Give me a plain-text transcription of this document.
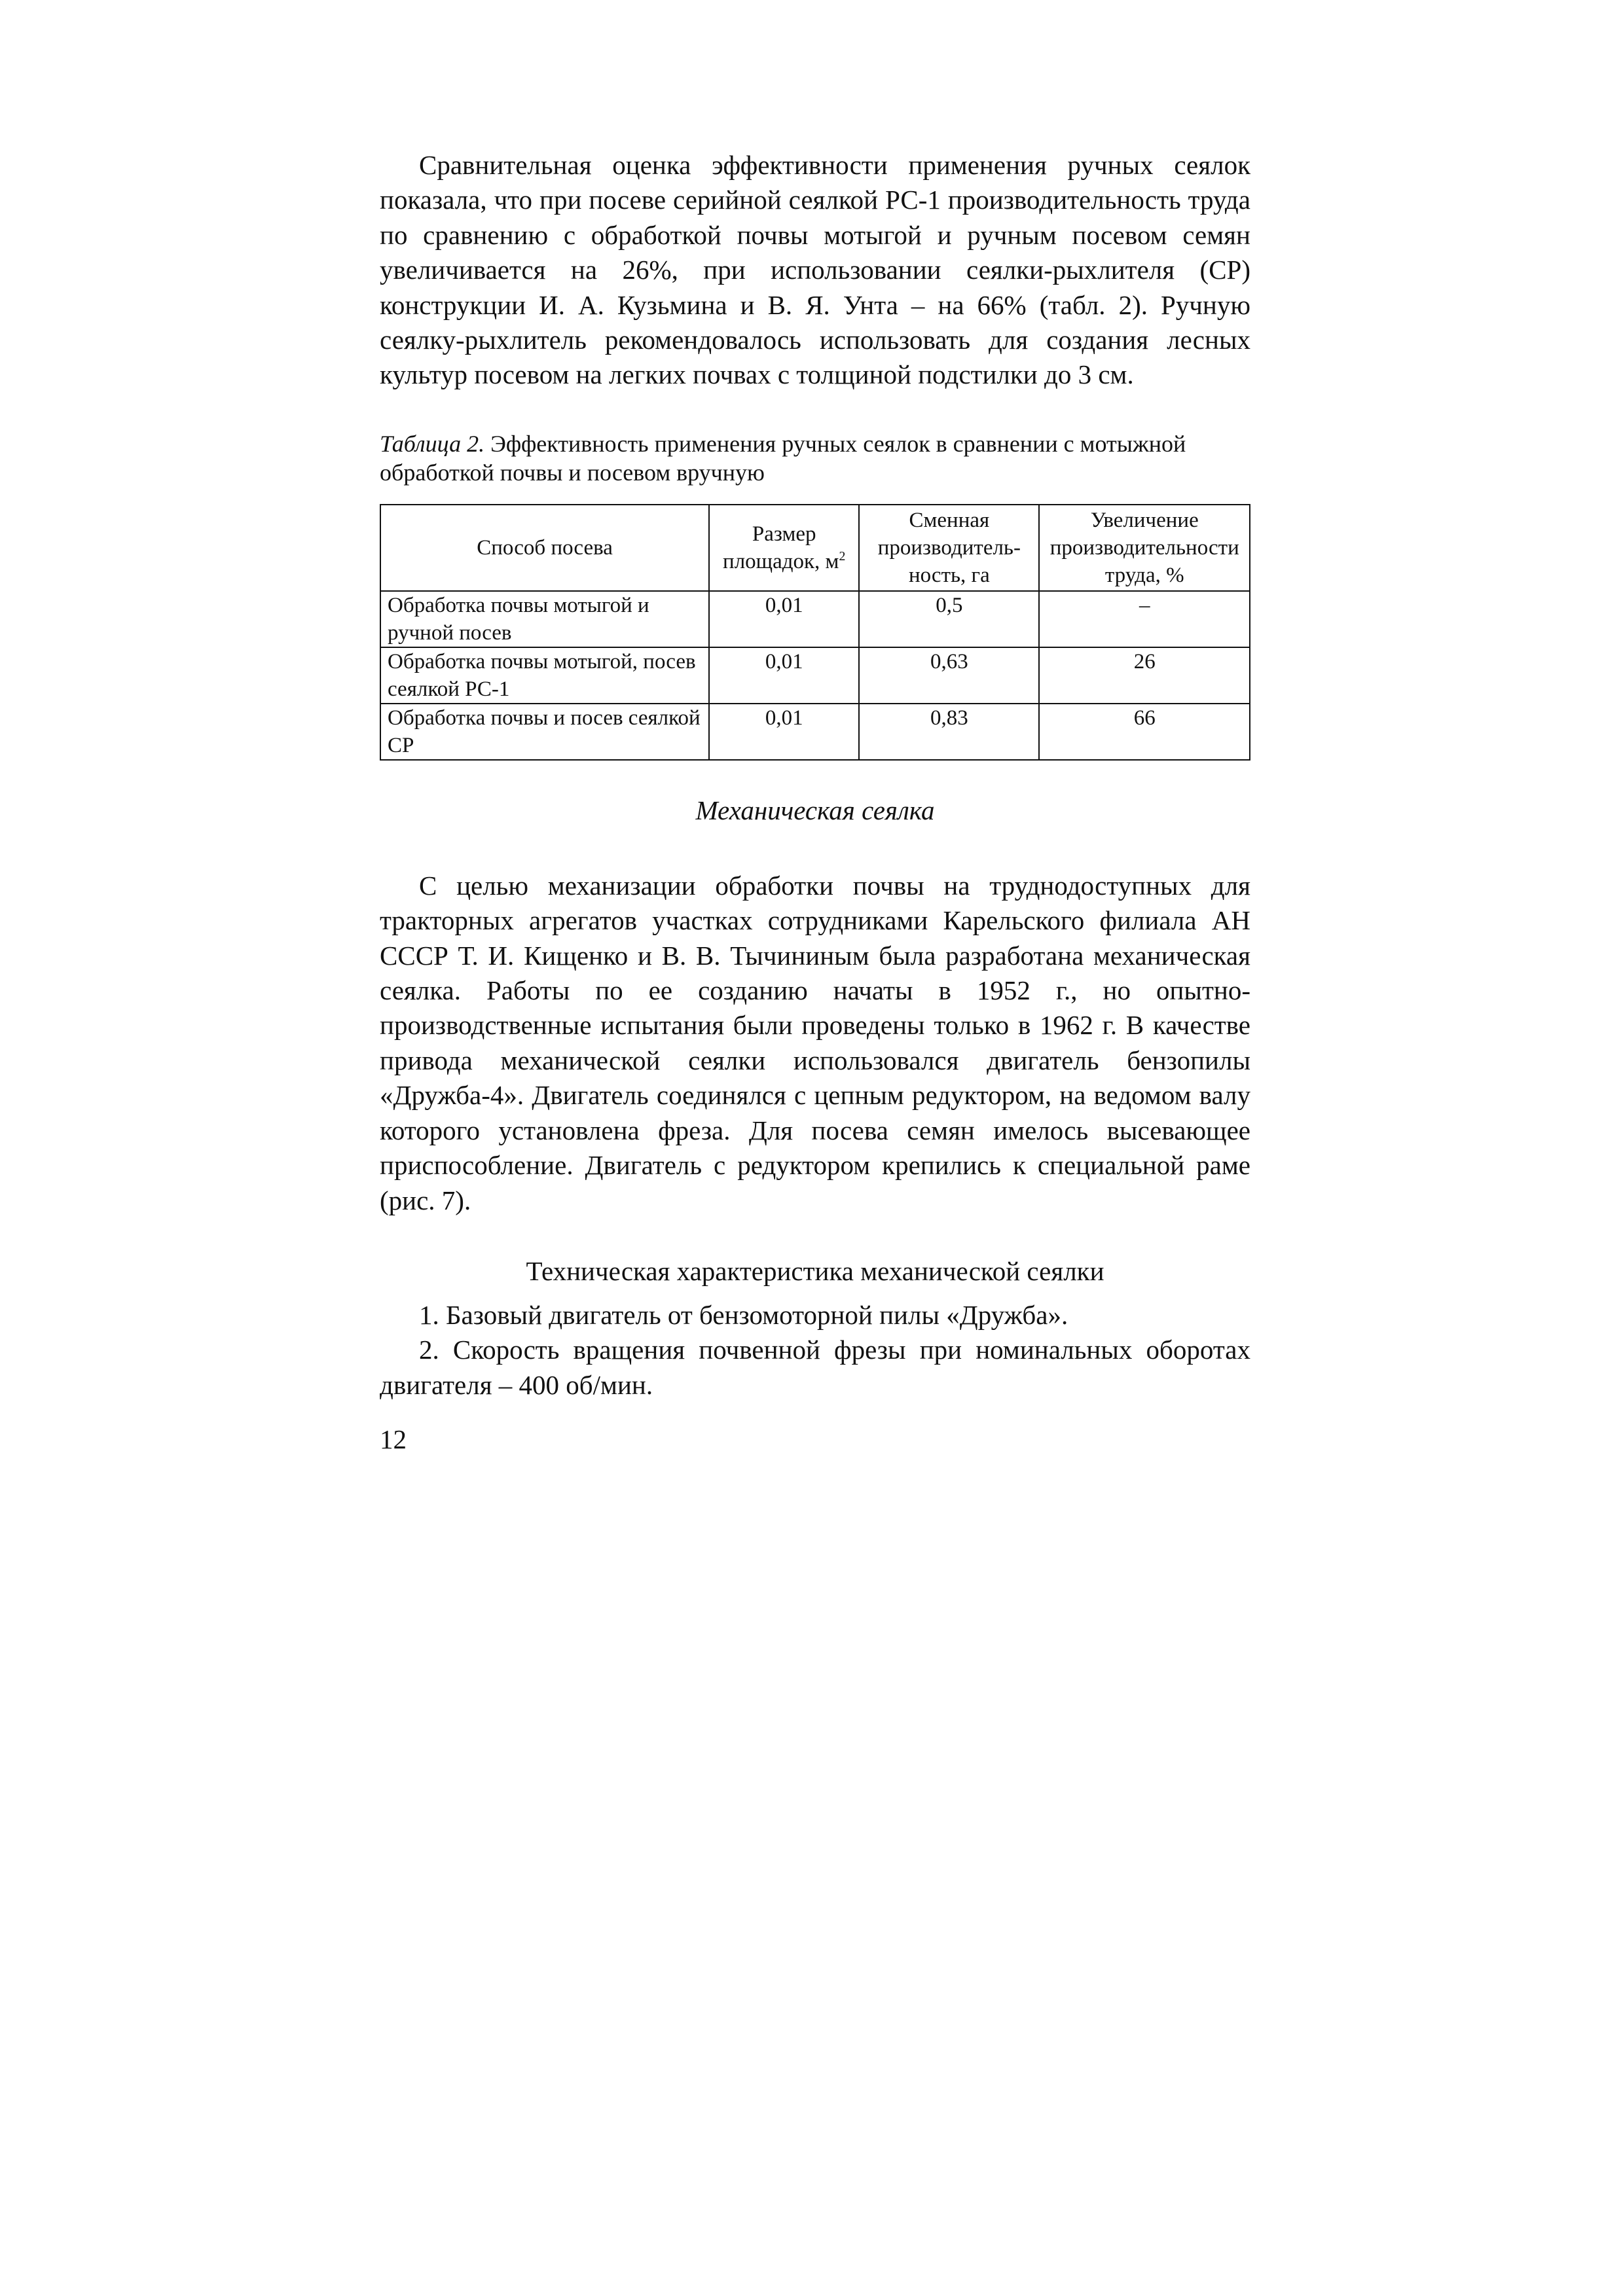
Сравнительная оценка эффективности применения ручных сеялок показала, что при посеве серийной сеялкой РС-1 производительность труда по сравнению с обработкой почвы мотыгой и ручным посевом семян увеличивается на 26%, при использовании сеялки-рыхлителя (СР) конструкции И. А. Кузьмина и В. Я. Унта – на 66% (табл. 2). Ручную сеялку-рыхлитель рекомендовалось использовать для создания лесных культур посевом на легких почвах с толщиной подстилки до 3 см.

Таблица 2. Эффективность применения ручных сеялок в сравнении с мотыжной обработкой почвы и посевом вручную

Способ посева	Размер площадок, $м^2$	Сменная производительность, га	Увеличение производительности труда, %
Обработка почвы мотыгой и ручной посев	0,01	0,5	–
Обработка почвы мотыгой, посев сеялкой РС-1	0,01	0,63	26
Обработка почвы и посев сеялкой СР	0,01	0,83	66
Механическая сеялка

С целью механизации обработки почвы на труднодоступных для тракторных агрегатов участках сотрудниками Карельского филиала АН СССР Т. И. Кищенко и В. В. Тычининым была разработана механическая сеялка. Работы по ее созданию начаты в 1952 г., но опытно-производственные испытания были проведены только в 1962 г. В качестве привода механической сеялки использовался двигатель бензопилы «Дружба-4». Двигатель соединялся с цепным редуктором, на ведомом валу которого установлена фреза. Для посева семян имелось высевающее приспособление. Двигатель с редуктором крепились к специальной раме (рис. 7).

Техническая характеристика механической сеялки

1. Базовый двигатель от бензомоторной пилы «Дружба».

2. Скорость вращения почвенной фрезы при номинальных оборотах двигателя – 400 об/мин.

12
